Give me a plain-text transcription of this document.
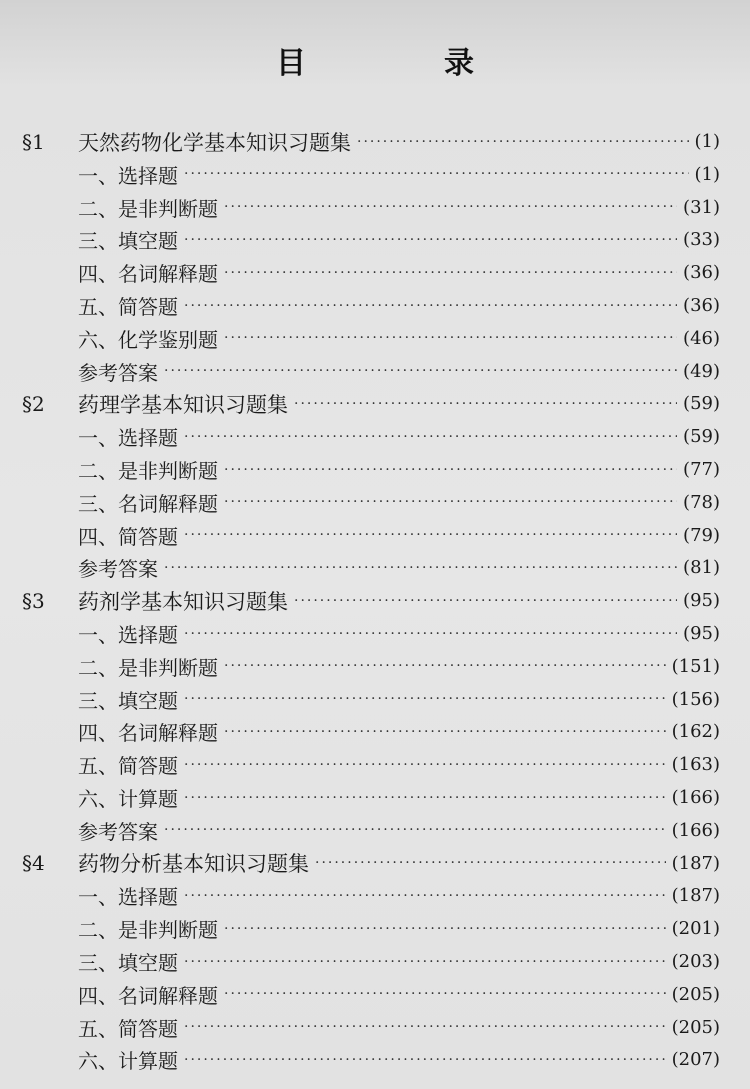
目　录
§1	天然药物化学基本知识习题集 ·····	(1)
一、选择题 ·····	(1)
二、是非判断题 ·····	(31)
三、填空题 ·····	(33)
四、名词解释题 ·····	(36)
五、简答题 ·····	(36)
六、化学鉴别题 ·····	(46)
参考答案 ·····	(49)
§2	药理学基本知识习题集 ·····	(59)
一、选择题 ·····	(59)
二、是非判断题 ·····	(77)
三、名词解释题 ·····	(78)
四、简答题 ·····	(79)
参考答案 ·····	(81)
§3	药剂学基本知识习题集 ·····	(95)
一、选择题 ·····	(95)
二、是非判断题 ·····	(151)
三、填空题 ·····	(156)
四、名词解释题 ·····	(162)
五、简答题 ·····	(163)
六、计算题 ·····	(166)
参考答案 ·····	(166)
§4	药物分析基本知识习题集 ·····	(187)
一、选择题 ·····	(187)
二、是非判断题 ·····	(201)
三、填空题 ·····	(203)
四、名词解释题 ·····	(205)
五、简答题 ·····	(205)
六、计算题 ·····	(207)
